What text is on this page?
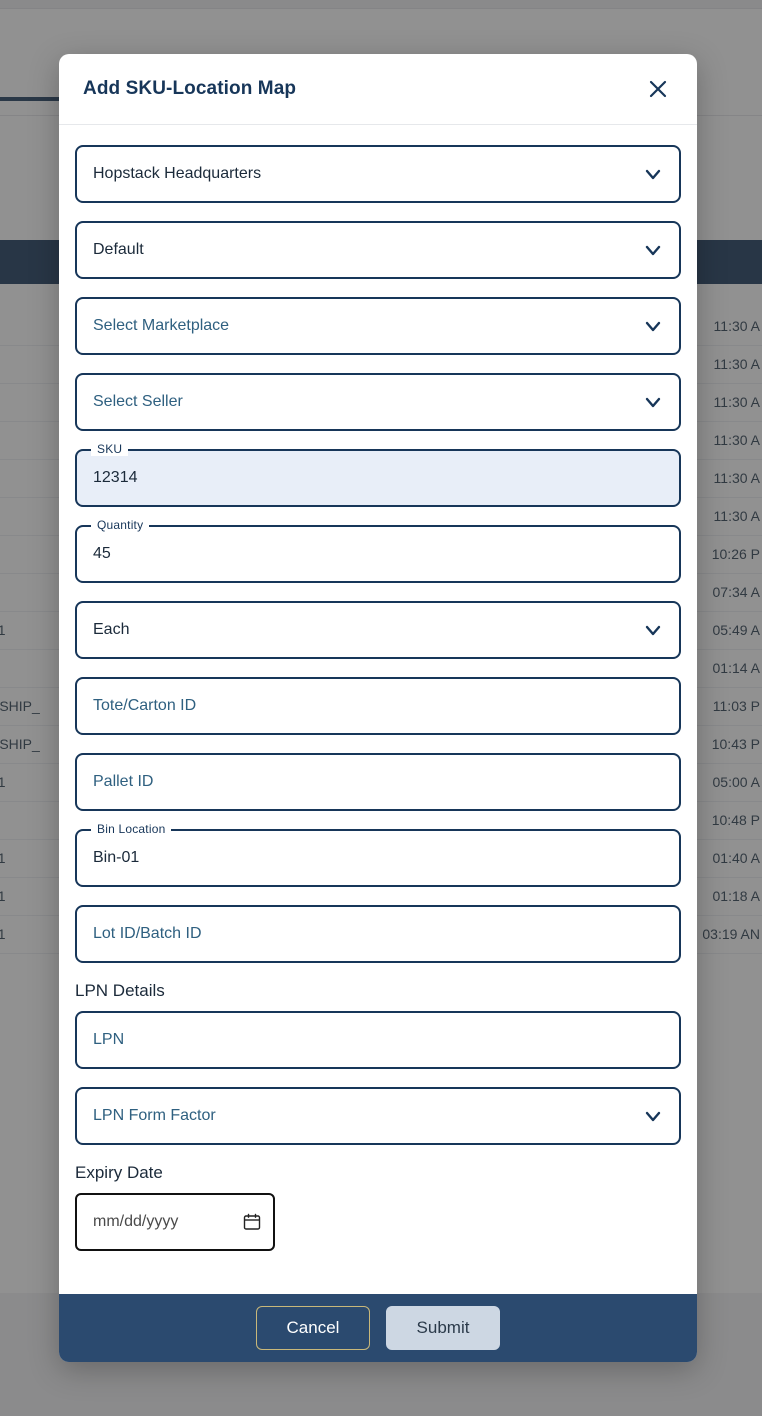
Add SKU-Location Map
Hopstack Headquarters
Default
Select Marketplace
Select Seller
SKU
12314
Quantity
45
Each
Tote/Carton ID
Pallet ID
Bin Location
Bin-01
Lot ID/Batch ID
LPN Details
LPN
LPN Form Factor
Expiry Date
mm/dd/yyyy
Cancel	Submit
